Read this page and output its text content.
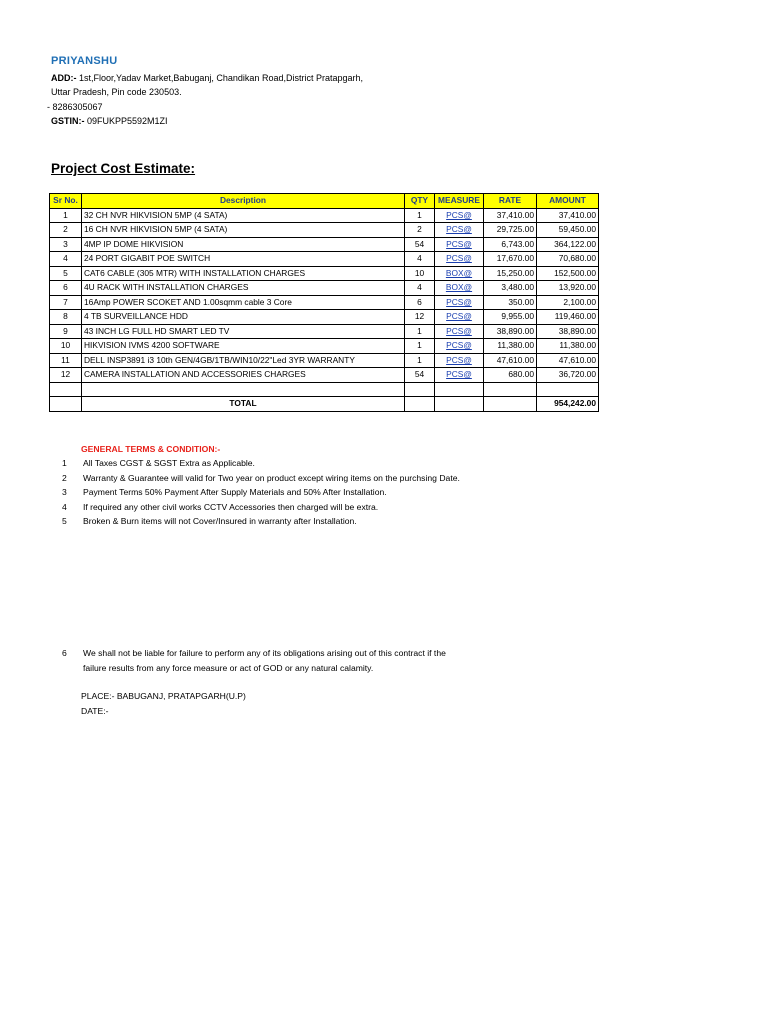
PRIYANSHU
ADD:- 1st,Floor,Yadav Market,Babuganj, Chandikan Road,District Pratapgarh,
Uttar Pradesh, Pin code 230503.
- 8286305067
GSTIN:- 09FUKPP5592M1ZI
Project Cost Estimate:
Sr No.	Description	QTY	MEASURE	RATE	AMOUNT
1	32 CH NVR HIKVISION 5MP (4 SATA)	1	PCS@	37,410.00	37,410.00
2	16 CH NVR HIKVISION 5MP (4 SATA)	2	PCS@	29,725.00	59,450.00
3	4MP IP DOME HIKVISION	54	PCS@	6,743.00	364,122.00
4	24 PORT GIGABIT POE SWITCH	4	PCS@	17,670.00	70,680.00
5	CAT6 CABLE (305 MTR) WITH INSTALLATION CHARGES	10	BOX@	15,250.00	152,500.00
6	4U RACK WITH INSTALLATION CHARGES	4	BOX@	3,480.00	13,920.00
7	16Amp POWER SCOKET AND 1.00sqmm cable 3 Core	6	PCS@	350.00	2,100.00
8	4 TB SURVEILLANCE HDD	12	PCS@	9,955.00	119,460.00
9	43 INCH LG FULL HD SMART LED TV	1	PCS@	38,890.00	38,890.00
10	HIKVISION IVMS 4200 SOFTWARE	1	PCS@	11,380.00	11,380.00
11	DELL INSP3891 i3 10th GEN/4GB/1TB/WIN10/22"Led 3YR WARRANTY	1	PCS@	47,610.00	47,610.00
12	CAMERA INSTALLATION AND ACCESSORIES CHARGES	54	PCS@	680.00	36,720.00

	TOTAL				954,242.00
GENERAL TERMS & CONDITION:-
1 All Taxes CGST & SGST Extra as Applicable.
2 Warranty & Guarantee will valid for Two year on product except wiring items on the purchsing Date.
3 Payment Terms 50% Payment After Supply Materials and 50% After Installation.
4 If required any other civil works CCTV Accessories then charged will be extra.
5 Broken & Burn items will not Cover/Insured in warranty after Installation.
6 We shall not be liable for failure to perform any of its obligations arising out of this contract if the
failure results from any force measure or act of GOD or any natural calamity.
PLACE:- BABUGANJ, PRATAPGARH(U.P)
DATE:-
